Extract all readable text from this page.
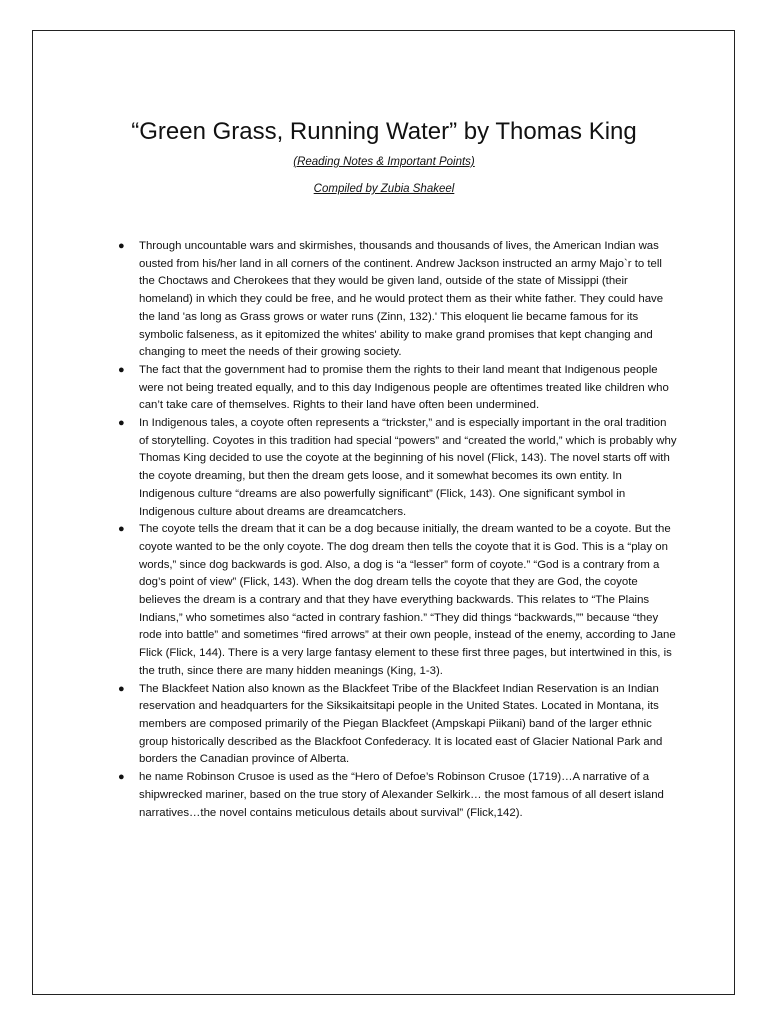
“Green Grass, Running Water” by Thomas King

(Reading Notes & Important Points)

Compiled by Zubia Shakeel

● Through uncountable wars and skirmishes, thousands and thousands of lives, the American Indian was ousted from his/her land in all corners of the continent. Andrew Jackson instructed an army Majo`r to tell the Choctaws and Cherokees that they would be given land, outside of the state of Missippi (their homeland) in which they could be free, and he would protect them as their white father. They could have the land 'as long as Grass grows or water runs (Zinn, 132).' This eloquent lie became famous for its symbolic falseness, as it epitomized the whites' ability to make grand promises that kept changing and changing to meet the needs of their growing society.
● The fact that the government had to promise them the rights to their land meant that Indigenous people were not being treated equally, and to this day Indigenous people are oftentimes treated like children who can’t take care of themselves. Rights to their land have often been undermined.
● In Indigenous tales, a coyote often represents a “trickster,” and is especially important in the oral tradition of storytelling. Coyotes in this tradition had special “powers” and “created the world,” which is probably why Thomas King decided to use the coyote at the beginning of his novel (Flick, 143). The novel starts off with the coyote dreaming, but then the dream gets loose, and it somewhat becomes its own entity. In Indigenous culture “dreams are also powerfully significant” (Flick, 143). One significant symbol in Indigenous culture about dreams are dreamcatchers.
● The coyote tells the dream that it can be a dog because initially, the dream wanted to be a coyote. But the coyote wanted to be the only coyote. The dog dream then tells the coyote that it is God. This is a “play on words,” since dog backwards is god. Also, a dog is “a “lesser” form of coyote.” “God is a contrary from a dog’s point of view” (Flick, 143). When the dog dream tells the coyote that they are God, the coyote believes the dream is a contrary and that they have everything backwards. This relates to “The Plains Indians,” who sometimes also “acted in contrary fashion.” “They did things “backwards,”” because “they rode into battle” and sometimes “fired arrows” at their own people, instead of the enemy, according to Jane Flick (Flick, 144). There is a very large fantasy element to these first three pages, but intertwined in this, is the truth, since there are many hidden meanings (King, 1-3).
● The Blackfeet Nation also known as the Blackfeet Tribe of the Blackfeet Indian Reservation is an Indian reservation and headquarters for the Siksikaitsitapi people in the United States. Located in Montana, its members are composed primarily of the Piegan Blackfeet (Ampskapi Piikani) band of the larger ethnic group historically described as the Blackfoot Confederacy. It is located east of Glacier National Park and borders the Canadian province of Alberta.
● he name Robinson Crusoe is used as the “Hero of Defoe’s Robinson Crusoe (1719)…A narrative of a shipwrecked mariner, based on the true story of Alexander Selkirk… the most famous of all desert island narratives…the novel contains meticulous details about survival” (Flick,142).
